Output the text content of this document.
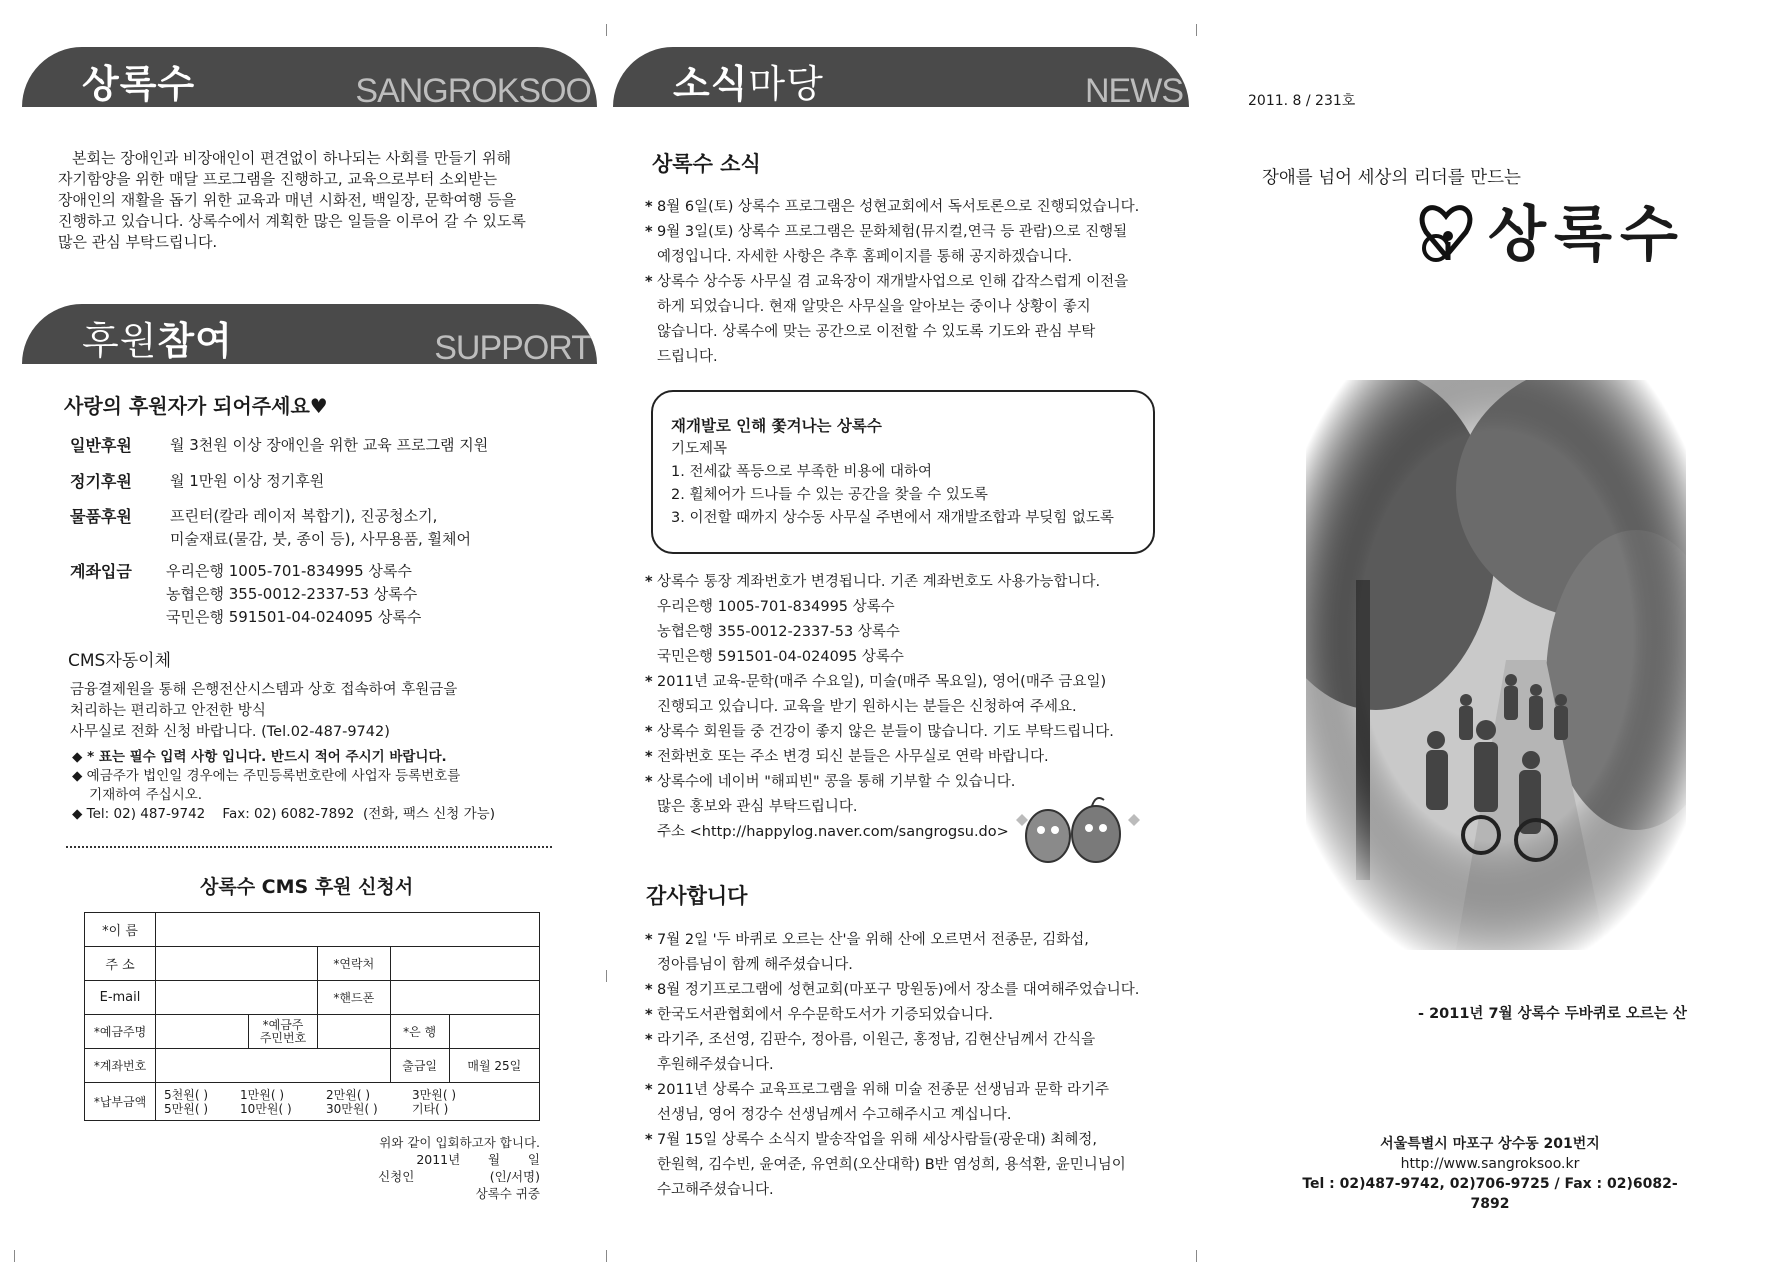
상록수	SANGROKSOO
본회는 장애인과 비장애인이 편견없이 하나되는 사회를 만들기 위해
자기함양을 위한 매달 프로그램을 진행하고, 교육으로부터 소외받는
장애인의 재활을 돕기 위한 교육과 매년 시화전, 백일장, 문학여행 등을
진행하고 있습니다. 상록수에서 계획한 많은 일들을 이루어 갈 수 있도록
많은 관심 부탁드립니다.
후원참여	SUPPORT
사랑의 후원자가 되어주세요♥
일반후원	월 3천원 이상 장애인을 위한 교육 프로그램 지원
정기후원	월 1만원 이상 정기후원
물품후원	프린터(칼라 레이저 복합기), 진공청소기,
미술재료(물감, 붓, 종이 등), 사무용품, 휠체어
계좌입금 우리은행 1005-701-834995 상록수
농협은행 355-0012-2337-53 상록수
국민은행 591501-04-024095 상록수
CMS자동이체
금융결제원을 통해 은행전산시스템과 상호 접속하여 후원금을
처리하는 편리하고 안전한 방식
사무실로 전화 신청 바랍니다. (Tel.02-487-9742)
◆ * 표는 필수 입력 사항 입니다. 반드시 적어 주시기 바랍니다.
◆ 예금주가 법인일 경우에는 주민등록번호란에 사업자 등록번호를
기재하여 주십시오.
◆ Tel: 02) 487-9742    Fax: 02) 6082-7892  (전화, 팩스 신청 가능)
상록수 CMS 후원 신청서
*이 름					
주 소			*연락처		
E-mail			*핸드폰		
*예금주명		*예금주 주민번호		*은 행	
*계좌번호				출금일	매월 25일
*납부금액	5천원( ) 1만원( ) 2만원( ) 3만원( )
5만원( ) 10만원( ) 30만원( ) 기타( )				
위와 같이 입회하고자 합니다.
2011년       월       일
신청인                   (인/서명)
상록수 귀중
소식마당	NEWS
상록수 소식
* 8월 6일(토) 상록수 프로그램은 성현교회에서 독서토론으로 진행되었습니다.
* 9월 3일(토) 상록수 프로그램은 문화체험(뮤지컬,연극 등 관람)으로 진행될
예정입니다. 자세한 사항은 추후 홈페이지를 통해 공지하겠습니다.
* 상록수 상수동 사무실 겸 교육장이 재개발사업으로 인해 갑작스럽게 이전을
하게 되었습니다. 현재 알맞은 사무실을 알아보는 중이나 상황이 좋지
않습니다. 상록수에 맞는 공간으로 이전할 수 있도록 기도와 관심 부탁
드립니다.
재개발로 인해 쫓겨나는 상록수
기도제목
1. 전세값 폭등으로 부족한 비용에 대하여
2. 휠체어가 드나들 수 있는 공간을 찾을 수 있도록
3. 이전할 때까지 상수동 사무실 주변에서 재개발조합과 부딪힘 없도록
* 상록수 통장 계좌번호가 변경됩니다. 기존 계좌번호도 사용가능합니다.
우리은행 1005-701-834995 상록수
농협은행 355-0012-2337-53 상록수
국민은행 591501-04-024095 상록수
* 2011년 교육-문학(매주 수요일), 미술(매주 목요일), 영어(매주 금요일)
진행되고 있습니다. 교육을 받기 원하시는 분들은 신청하여 주세요.
* 상록수 회원들 중 건강이 좋지 않은 분들이 많습니다. 기도 부탁드립니다.
* 전화번호 또는 주소 변경 되신 분들은 사무실로 연락 바랍니다.
* 상록수에 네이버 "해피빈" 콩을 통해 기부할 수 있습니다.
많은 홍보와 관심 부탁드립니다.
주소 <http://happylog.naver.com/sangrogsu.do>
감사합니다
* 7월 2일 '두 바퀴로 오르는 산'을 위해 산에 오르면서 전종문, 김화섭,
정아름님이 함께 해주셨습니다.
* 8월 정기프로그램에 성현교회(마포구 망원동)에서 장소를 대여해주었습니다.
* 한국도서관협회에서 우수문학도서가 기증되었습니다.
* 라기주, 조선영, 김판수, 정아름, 이원근, 홍정남, 김현산님께서 간식을
후원해주셨습니다.
* 2011년 상록수 교육프로그램을 위해 미술 전종문 선생님과 문학 라기주
선생님, 영어 정강수 선생님께서 수고해주시고 계십니다.
* 7월 15일 상록수 소식지 발송작업을 위해 세상사람들(광운대) 최혜정,
한원혁, 김수빈, 윤여준, 유연희(오산대학) B반 염성희, 용석환, 윤민니님이
수고해주셨습니다.
2011. 8 / 231호
장애를 넘어 세상의 리더를 만드는
상록수
- 2011년 7월 상록수 두바퀴로 오르는 산
서울특별시 마포구 상수동 201번지
http://www.sangroksoo.kr
Tel : 02)487-9742, 02)706-9725 / Fax : 02)6082-7892
